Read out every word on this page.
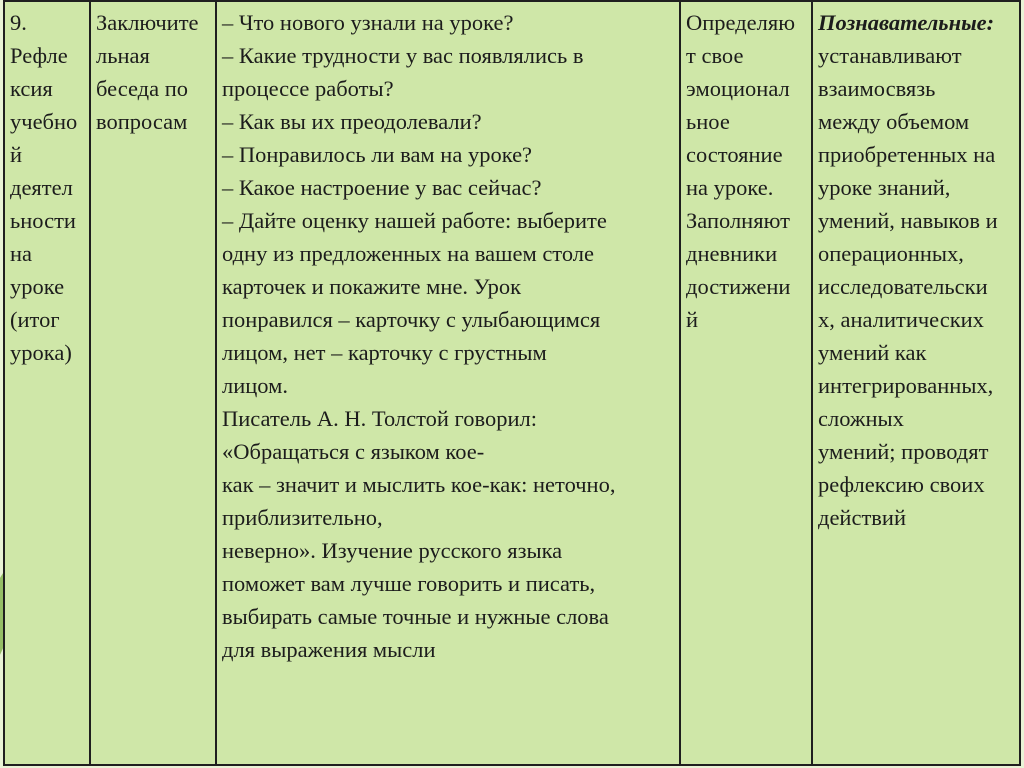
9.
Рефле
ксия
учебно
й
деятел
ьности
на
уроке
(итог
урока)

Заключите
льная
беседа по
вопросам

– Что нового узнали на уроке?
– Какие трудности у вас появлялись в
процессе работы?
– Как вы их преодолевали?
– Понравилось ли вам на уроке?
– Какое настроение у вас сейчас?
– Дайте оценку нашей работе: выберите
одну из предложенных на вашем столе
карточек и покажите мне. Урок
понравился – карточку с улыбающимся
лицом, нет – карточку с грустным
лицом.
Писатель А. Н. Толстой говорил:
«Обращаться с языком кое-
как – значит и мыслить кое-как: неточно,
приблизительно,
неверно». Изучение русского языка
поможет вам лучше говорить и писать,
выбирать самые точные и нужные слова
для выражения мысли

Определяю
т свое
эмоционал
ьное
состояние
на уроке.
Заполняют
дневники
достижени
й

Познавательные:
устанавливают
взаимосвязь
между объемом
приобретенных на
уроке знаний,
умений, навыков и
операционных,
исследовательски
х, аналитических
умений как
интегрированных,
сложных
умений; проводят
рефлексию своих
действий
